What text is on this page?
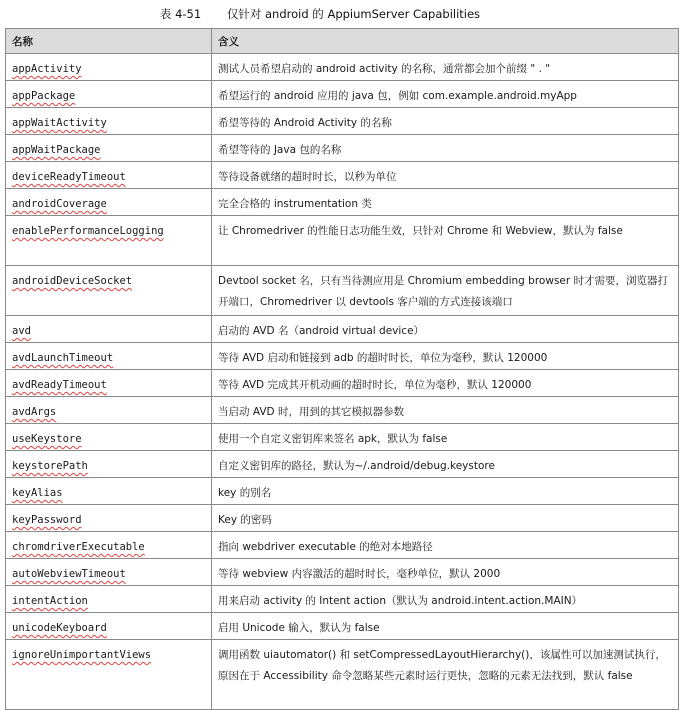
表 4-51 仅针对 android 的 AppiumServer Capabilities
名称	含义
appActivity	测试人员希望启动的 android activity 的名称，通常都会加个前缀 " . "
appPackage	希望运行的 android 应用的 java 包，例如 com.example.android.myApp
appWaitActivity	希望等待的 Android Activity 的名称
appWaitPackage	希望等待的 Java 包的名称
deviceReadyTimeout	等待设备就绪的超时时长，以秒为单位
androidCoverage	完全合格的 instrumentation 类
enablePerformanceLogging	让 Chromedriver 的性能日志功能生效，只针对 Chrome 和 Webview，默认为 false
androidDeviceSocket	Devtool socket 名，只有当待测应用是 Chromium embedding browser 时才需要，浏览器打开端口，Chromedriver 以 devtools 客户端的方式连接该端口
avd	启动的 AVD 名（android virtual device）
avdLaunchTimeout	等待 AVD 启动和链接到 adb 的超时时长，单位为毫秒，默认 120000
avdReadyTimeout	等待 AVD 完成其开机动画的超时时长，单位为毫秒，默认 120000
avdArgs	当启动 AVD 时，用到的其它模拟器参数
useKeystore	使用一个自定义密钥库来签名 apk，默认为 false
keystorePath	自定义密钥库的路径，默认为~/.android/debug.keystore
keyAlias	key 的别名
keyPassword	Key 的密码
chromdriverExecutable	指向 webdriver executable 的绝对本地路径
autoWebviewTimeout	等待 webview 内容激活的超时时长，毫秒单位，默认 2000
intentAction	用来启动 activity 的 Intent action（默认为 android.intent.action.MAIN）
unicodeKeyboard	启用 Unicode 输入，默认为 false
ignoreUnimportantViews	调用函数 uiautomator() 和 setCompressedLayoutHierarchy()，该属性可以加速测试执行，原因在于 Accessibility 命令忽略某些元素时运行更快，忽略的元素无法找到，默认 false
